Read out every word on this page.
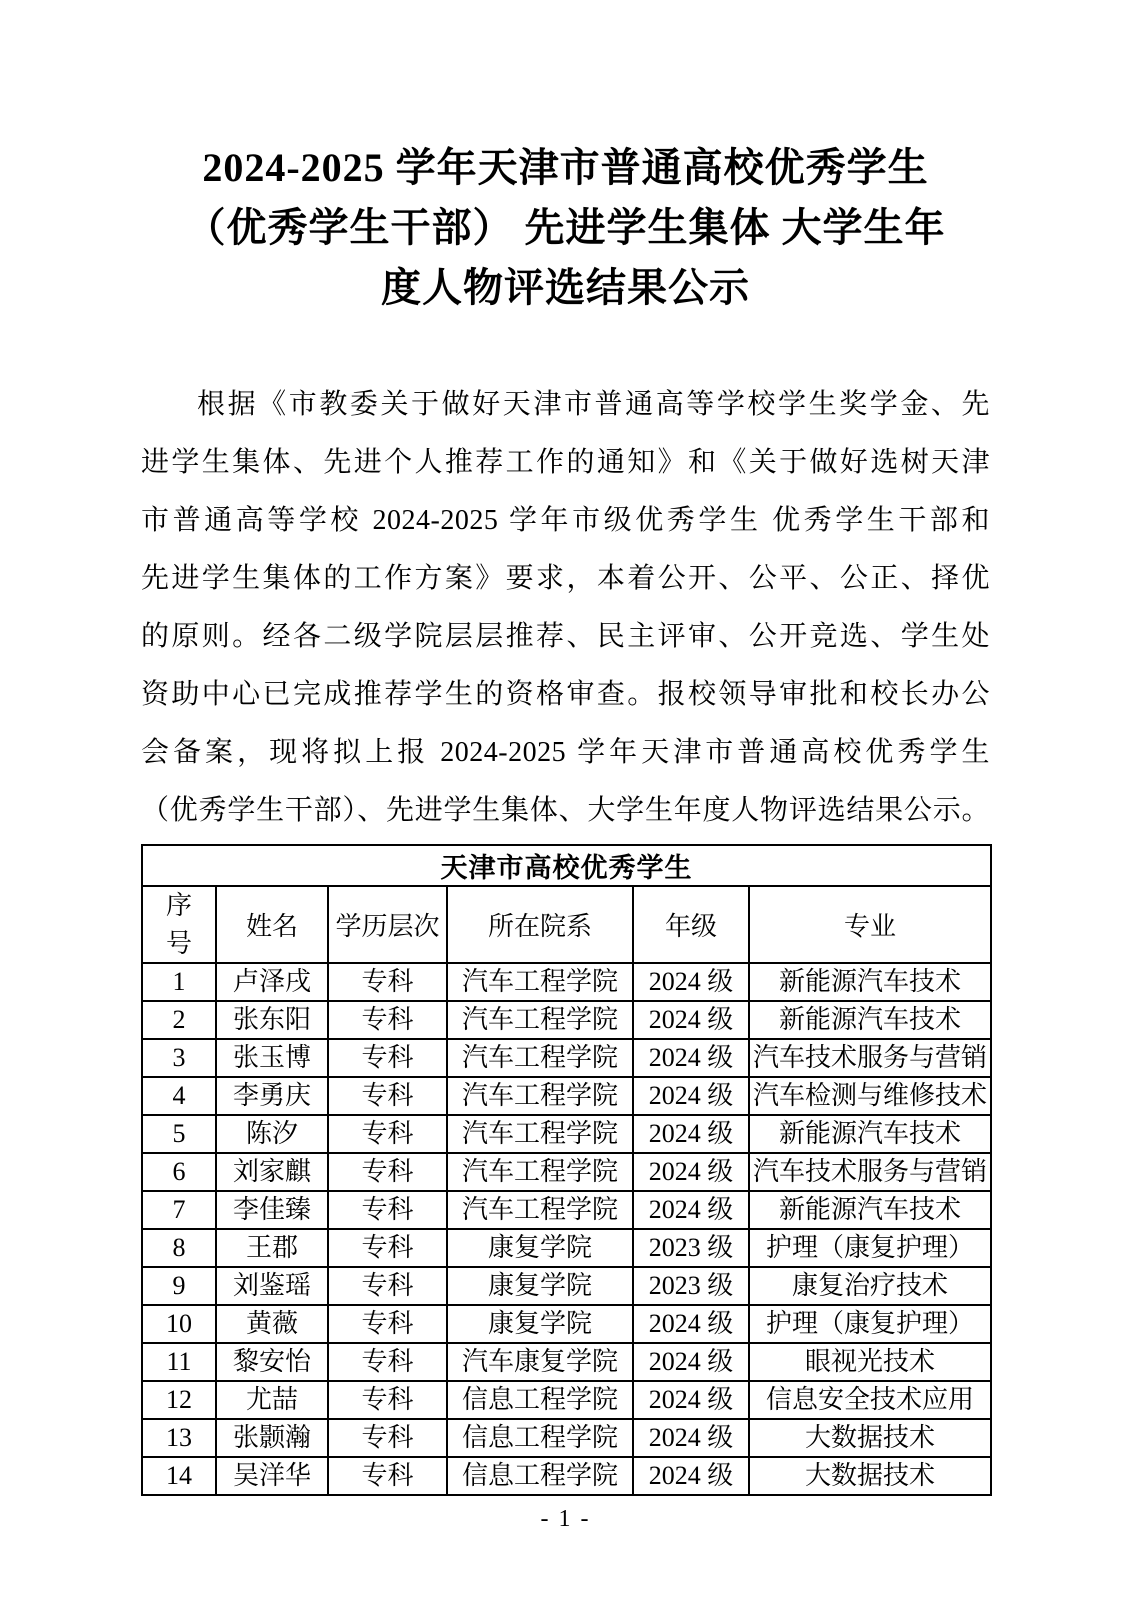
2024-2025 学年天津市普通高校优秀学生
（优秀学生干部） 先进学生集体 大学生年
度人物评选结果公示
根据《市教委关于做好天津市普通高等学校学生奖学金、先
进学生集体、先进个人推荐工作的通知》和《关于做好选树天津
市普通高等学校 2024-2025 学年市级优秀学生 优秀学生干部和
先进学生集体的工作方案》要求，本着公开、公平、公正、择优
的原则。经各二级学院层层推荐、民主评审、公开竞选、学生处
资助中心已完成推荐学生的资格审查。报校领导审批和校长办公
会备案，现将拟上报 2024-2025 学年天津市普通高校优秀学生
（优秀学生干部）、先进学生集体、大学生年度人物评选结果公示。
天津市高校优秀学生					
序号	姓名	学历层次	所在院系	年级	专业
1	卢泽戌	专科	汽车工程学院	2024 级	新能源汽车技术
2	张东阳	专科	汽车工程学院	2024 级	新能源汽车技术
3	张玉博	专科	汽车工程学院	2024 级	汽车技术服务与营销
4	李勇庆	专科	汽车工程学院	2024 级	汽车检测与维修技术
5	陈汐	专科	汽车工程学院	2024 级	新能源汽车技术
6	刘家麒	专科	汽车工程学院	2024 级	汽车技术服务与营销
7	李佳臻	专科	汽车工程学院	2024 级	新能源汽车技术
8	王郡	专科	康复学院	2023 级	护理（康复护理）
9	刘鉴瑶	专科	康复学院	2023 级	康复治疗技术
10	黄薇	专科	康复学院	2024 级	护理（康复护理）
11	黎安怡	专科	汽车康复学院	2024 级	眼视光技术
12	尤喆	专科	信息工程学院	2024 级	信息安全技术应用
13	张颢瀚	专科	信息工程学院	2024 级	大数据技术
14	吴洋华	专科	信息工程学院	2024 级	大数据技术
- 1 -
